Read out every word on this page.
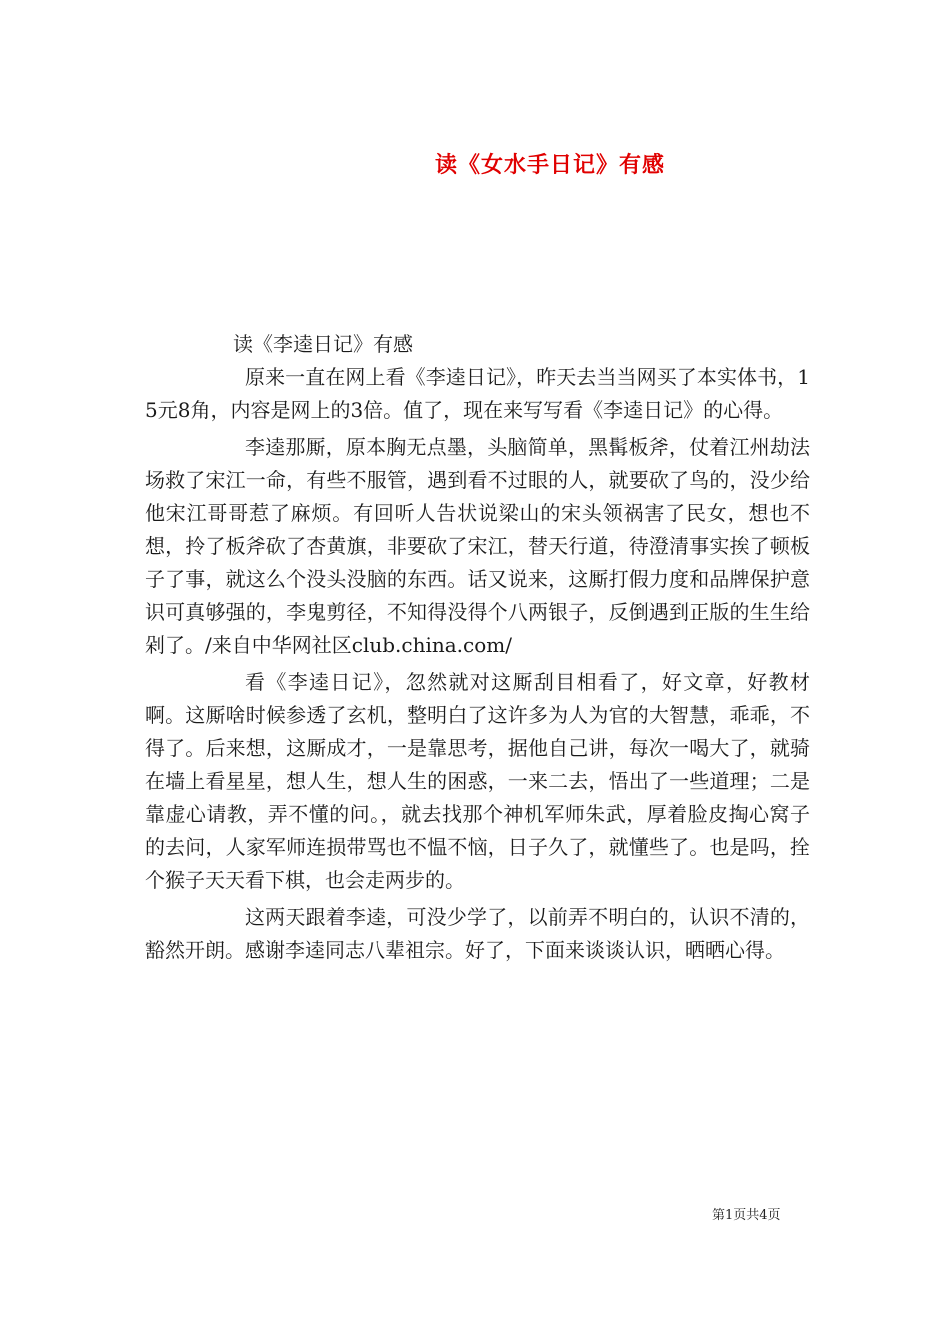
读《女水手日记》有感

读《李逵日记》有感

原来一直在网上看《李逵日记》，昨天去当当网买了本实体书，15元8角，内容是网上的3倍。值了，现在来写写看《李逵日记》的心得。

李逵那厮，原本胸无点墨，头脑简单，黑髯板斧，仗着江州劫法场救了宋江一命，有些不服管，遇到看不过眼的人，就要砍了鸟的，没少给他宋江哥哥惹了麻烦。有回听人告状说梁山的宋头领祸害了民女，想也不想，拎了板斧砍了杏黄旗，非要砍了宋江，替天行道，待澄清事实挨了顿板子了事，就这么个没头没脑的东西。话又说来，这厮打假力度和品牌保护意识可真够强的，李鬼剪径，不知得没得个八两银子，反倒遇到正版的生生给剁了。/来自中华网社区club.china.com/

看《李逵日记》，忽然就对这厮刮目相看了，好文章，好教材啊。这厮啥时候参透了玄机，整明白了这许多为人为官的大智慧，乖乖，不得了。后来想，这厮成才，一是靠思考，据他自己讲，每次一喝大了，就骑在墙上看星星，想人生，想人生的困惑，一来二去，悟出了一些道理；二是靠虚心请教，弄不懂的问。，就去找那个神机军师朱武，厚着脸皮掏心窝子的去问，人家军师连损带骂也不愠不恼，日子久了，就懂些了。也是吗，拴个猴子天天看下棋，也会走两步的。

这两天跟着李逵，可没少学了，以前弄不明白的，认识不清的，豁然开朗。感谢李逵同志八辈祖宗。好了，下面来谈谈认识，晒晒心得。

第1页共4页
